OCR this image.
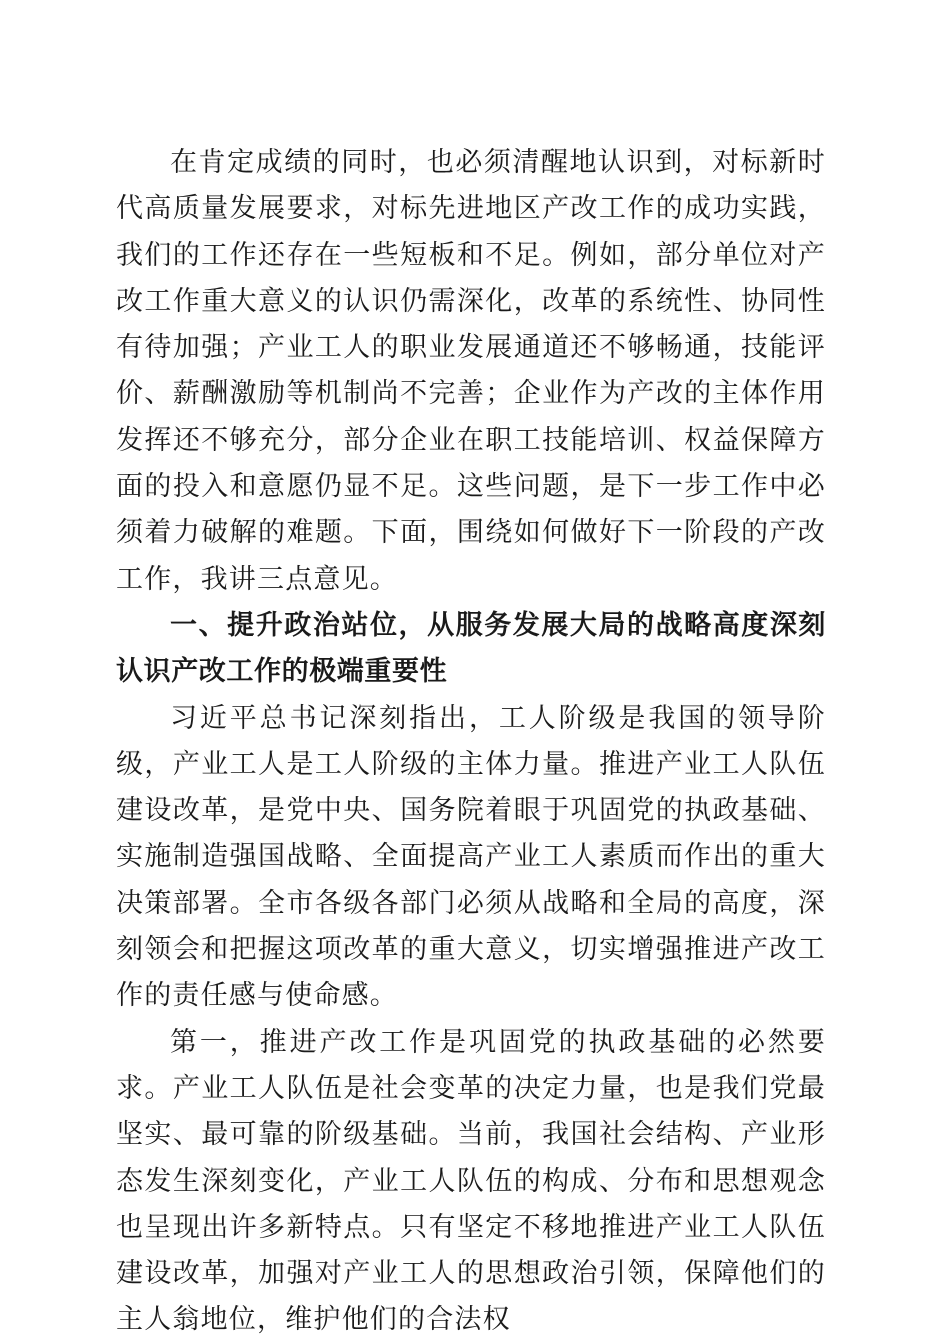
在肯定成绩的同时，也必须清醒地认识到，对标新时代高质量发展要求，对标先进地区产改工作的成功实践，我们的工作还存在一些短板和不足。例如，部分单位对产改工作重大意义的认识仍需深化，改革的系统性、协同性有待加强；产业工人的职业发展通道还不够畅通，技能评价、薪酬激励等机制尚不完善；企业作为产改的主体作用发挥还不够充分，部分企业在职工技能培训、权益保障方面的投入和意愿仍显不足。这些问题，是下一步工作中必须着力破解的难题。下面，围绕如何做好下一阶段的产改工作，我讲三点意见。

一、提升政治站位，从服务发展大局的战略高度深刻认识产改工作的极端重要性

习近平总书记深刻指出，工人阶级是我国的领导阶级，产业工人是工人阶级的主体力量。推进产业工人队伍建设改革，是党中央、国务院着眼于巩固党的执政基础、实施制造强国战略、全面提高产业工人素质而作出的重大决策部署。全市各级各部门必须从战略和全局的高度，深刻领会和把握这项改革的重大意义，切实增强推进产改工作的责任感与使命感。

第一，推进产改工作是巩固党的执政基础的必然要求。产业工人队伍是社会变革的决定力量，也是我们党最坚实、最可靠的阶级基础。当前，我国社会结构、产业形态发生深刻变化，产业工人队伍的构成、分布和思想观念也呈现出许多新特点。只有坚定不移地推进产业工人队伍建设改革，加强对产业工人的思想政治引领，保障他们的主人翁地位，维护他们的合法权
